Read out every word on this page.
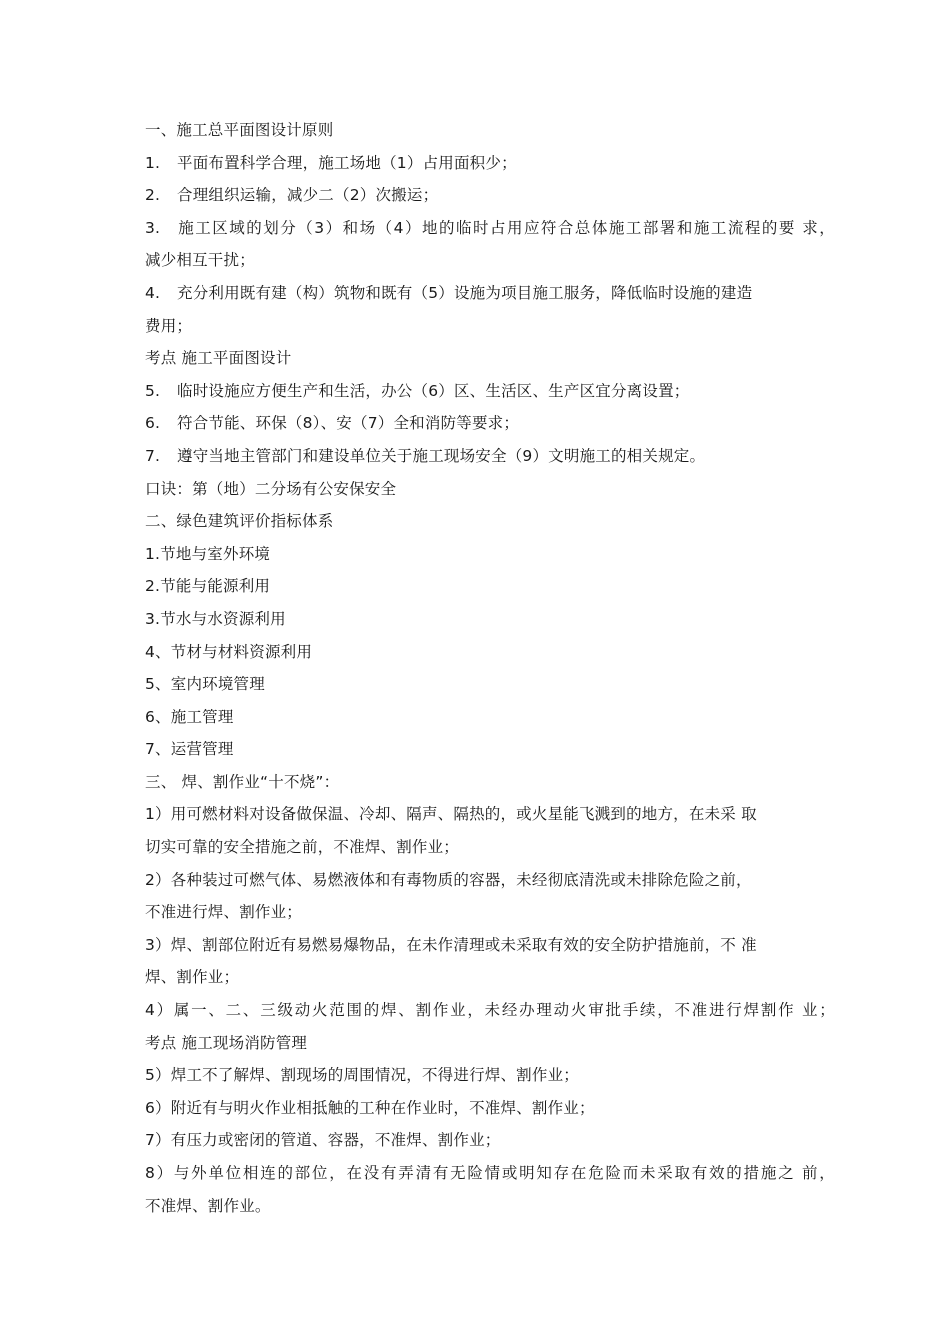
一、施工总平面图设计原则
1. 平面布置科学合理，施工场地（1）占用面积少；
2. 合理组织运输，减少二（2）次搬运；
3. 施工区域的划分（3）和场（4）地的临时占用应符合总体施工部署和施工流程的要 求，
减少相互干扰；
4. 充分利用既有建（构）筑物和既有（5）设施为项目施工服务，降低临时设施的建造
费用；
考点 施工平面图设计
5. 临时设施应方便生产和生活，办公（6）区、生活区、生产区宜分离设置；
6. 符合节能、环保（8）、安（7）全和消防等要求；
7. 遵守当地主管部门和建设单位关于施工现场安全（9）文明施工的相关规定。
口诀：第（地）二分场有公安保安全
二、绿色建筑评价指标体系
1.节地与室外环境
2.节能与能源利用
3.节水与水资源利用
4、节材与材料资源利用
5、室内环境管理
6、施工管理
7、运营管理
三、 焊、割作业“十不烧”：
1）用可燃材料对设备做保温、冷却、隔声、隔热的，或火星能飞溅到的地方，在未采 取
切实可靠的安全措施之前，不准焊、割作业；
2）各种装过可燃气体、易燃液体和有毒物质的容器，未经彻底清洗或未排除危险之前，
不准进行焊、割作业；
3）焊、割部位附近有易燃易爆物品，在未作清理或未采取有效的安全防护措施前，不 准
焊、割作业；
4）属一、二、三级动火范围的焊、割作业，未经办理动火审批手续，不准进行焊割作 业；
考点 施工现场消防管理
5）焊工不了解焊、割现场的周围情况，不得进行焊、割作业；
6）附近有与明火作业相抵触的工种在作业时，不准焊、割作业；
7）有压力或密闭的管道、容器，不准焊、割作业；
8）与外单位相连的部位，在没有弄清有无险情或明知存在危险而未采取有效的措施之 前，
不准焊、割作业。
